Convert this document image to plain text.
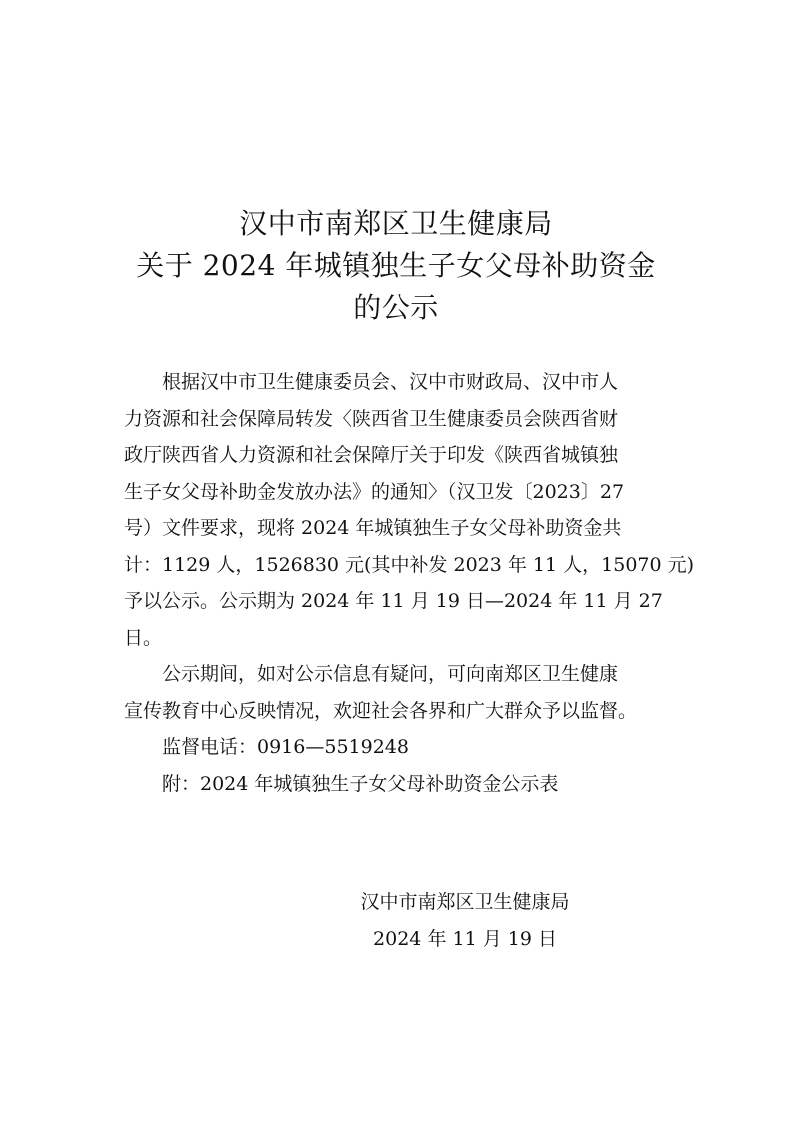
汉中市南郑区卫生健康局
关于 2024 年城镇独生子女父母补助资金
的公示
根据汉中市卫生健康委员会、汉中市财政局、汉中市人
力资源和社会保障局转发〈陕西省卫生健康委员会陕西省财
政厅陕西省人力资源和社会保障厅关于印发《陕西省城镇独
生子女父母补助金发放办法》的通知〉（汉卫发〔2023〕27
号）文件要求，现将 2024 年城镇独生子女父母补助资金共
计：1129 人，1526830 元(其中补发 2023 年 11 人，15070 元)
予以公示。公示期为 2024 年 11 月 19 日—2024 年 11 月 27
日。
公示期间，如对公示信息有疑问，可向南郑区卫生健康
宣传教育中心反映情况，欢迎社会各界和广大群众予以监督。
监督电话：0916—5519248
附：2024 年城镇独生子女父母补助资金公示表
汉中市南郑区卫生健康局
2024 年 11 月 19 日
